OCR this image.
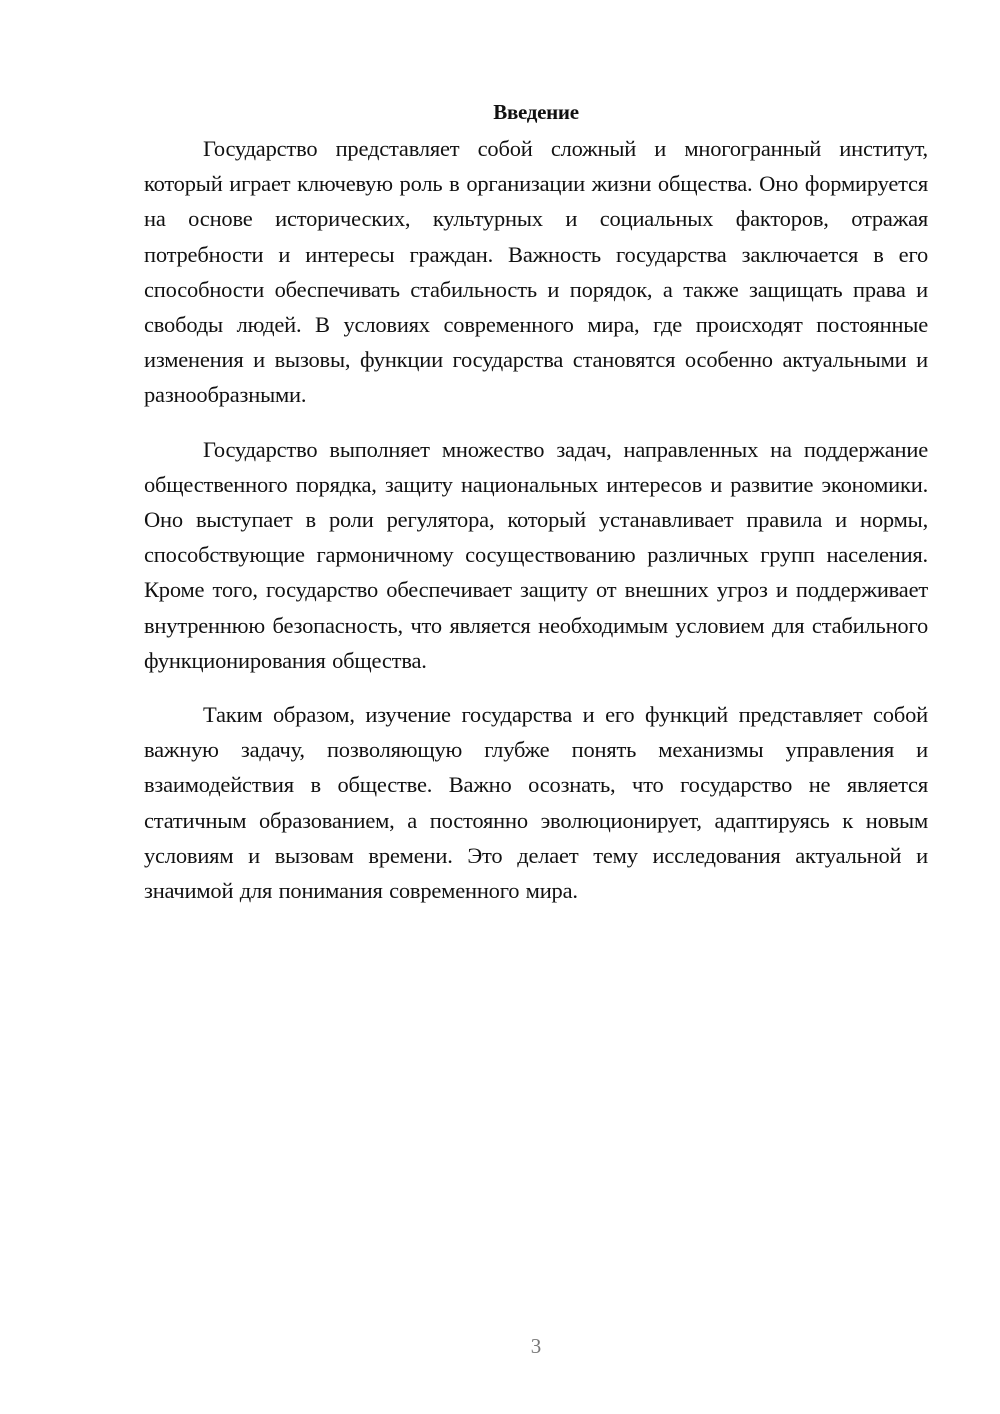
Введение

Государство представляет собой сложный и многогранный институт, который играет ключевую роль в организации жизни общества. Оно формируется на основе исторических, культурных и социальных факторов, отражая потребности и интересы граждан. Важность государства заключается в его способности обеспечивать стабильность и порядок, а также защищать права и свободы людей. В условиях современного мира, где происходят постоянные изменения и вызовы, функции государства становятся особенно актуальными и разнообразными.

Государство выполняет множество задач, направленных на поддержание общественного порядка, защиту национальных интересов и развитие экономики. Оно выступает в роли регулятора, который устанавливает правила и нормы, способствующие гармоничному сосуществованию различных групп населения. Кроме того, государство обеспечивает защиту от внешних угроз и поддерживает внутреннюю безопасность, что является необходимым условием для стабильного функционирования общества.

Таким образом, изучение государства и его функций представляет собой важную задачу, позволяющую глубже понять механизмы управления и взаимодействия в обществе. Важно осознать, что государство не является статичным образованием, а постоянно эволюционирует, адаптируясь к новым условиям и вызовам времени. Это делает тему исследования актуальной и значимой для понимания современного мира.

3
